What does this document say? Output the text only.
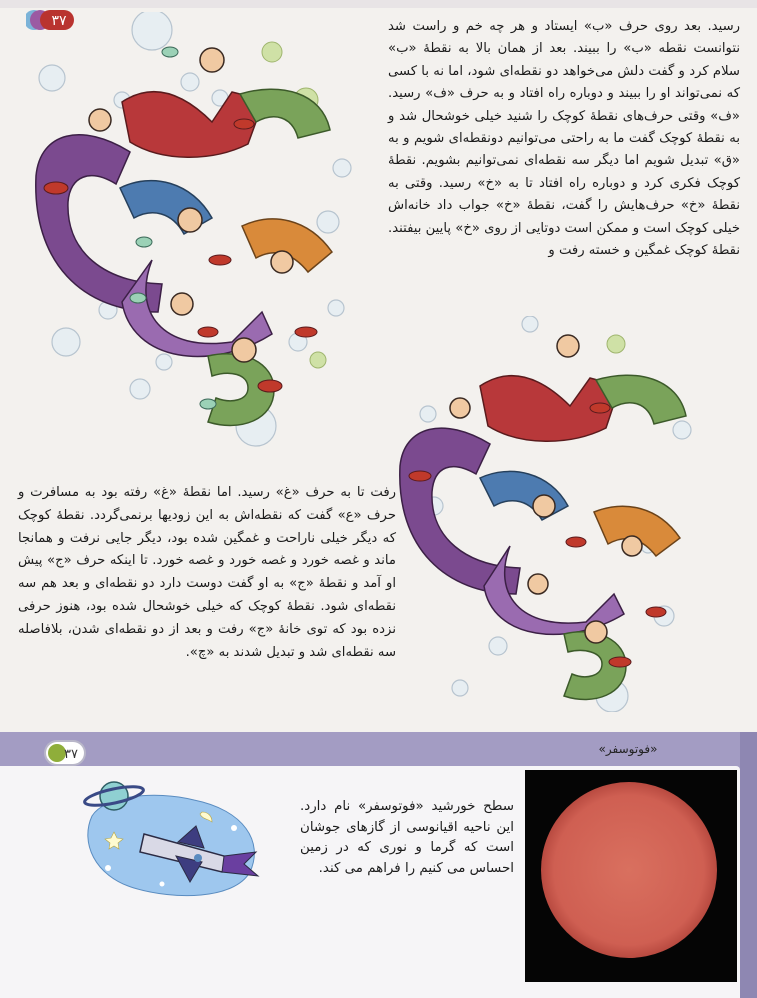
۳۷	رسید. بعد روی حرف «ب» ایستاد و هر چه خم و راست شد نتوانست نقطه «ب» را ببیند. بعد از همان بالا به نقطهٔ «ب» سلام کرد و گفت دلش می‌خواهد دو نقطه‌ای شود، اما نه با کسی که نمی‌تواند او را ببیند و دوباره راه افتاد و به حرف «ف» رسید. «ف» وقتی حرف‌های نقطهٔ کوچک را شنید خیلی خوشحال شد و به نقطهٔ کوچک گفت ما به راحتی می‌توانیم دونقطه‌ای شویم و به «ق» تبدیل شویم اما دیگر سه نقطه‌ای نمی‌توانیم بشویم. نقطهٔ کوچک فکری کرد و دوباره راه افتاد تا به «خ» رسید. وقتی به نقطهٔ «خ» حرف‌هایش را گفت، نقطهٔ «خ» جواب داد خانه‌اش خیلی کوچک است و ممکن است دوتایی از روی «خ» پایین بیفتند. نقطهٔ کوچک غمگین و خسته رفت و
رفت تا به حرف «غ» رسید. اما نقطهٔ «غ» رفته بود به مسافرت و حرف «ع» گفت که نقطه‌اش به این زودیها برنمی‌گردد. نقطهٔ کوچک که دیگر خیلی ناراحت و غمگین شده بود، دیگر جایی نرفت و همانجا ماند و غصه خورد و غصه خورد و غصه خورد. تا اینکه حرف «ج» پیش او آمد و نقطهٔ «ج» به او گفت دوست دارد دو نقطه‌ای و بعد هم سه نقطه‌ای شود. نقطهٔ کوچک که خیلی خوشحال شده بود، هنوز حرفی نزده بود که توی خانهٔ «ج» رفت و بعد از دو نقطه‌ای شدن، بلافاصله سه نقطه‌ای شد و تبدیل شدند به «چ».
۳۷	«فوتوسفر»
سطح خورشید «فوتوسفر» نام دارد. این ناحیه اقیانوسی از گازهای جوشان است که گرما و نوری که در زمین احساس می کنیم را فراهم می کند.
